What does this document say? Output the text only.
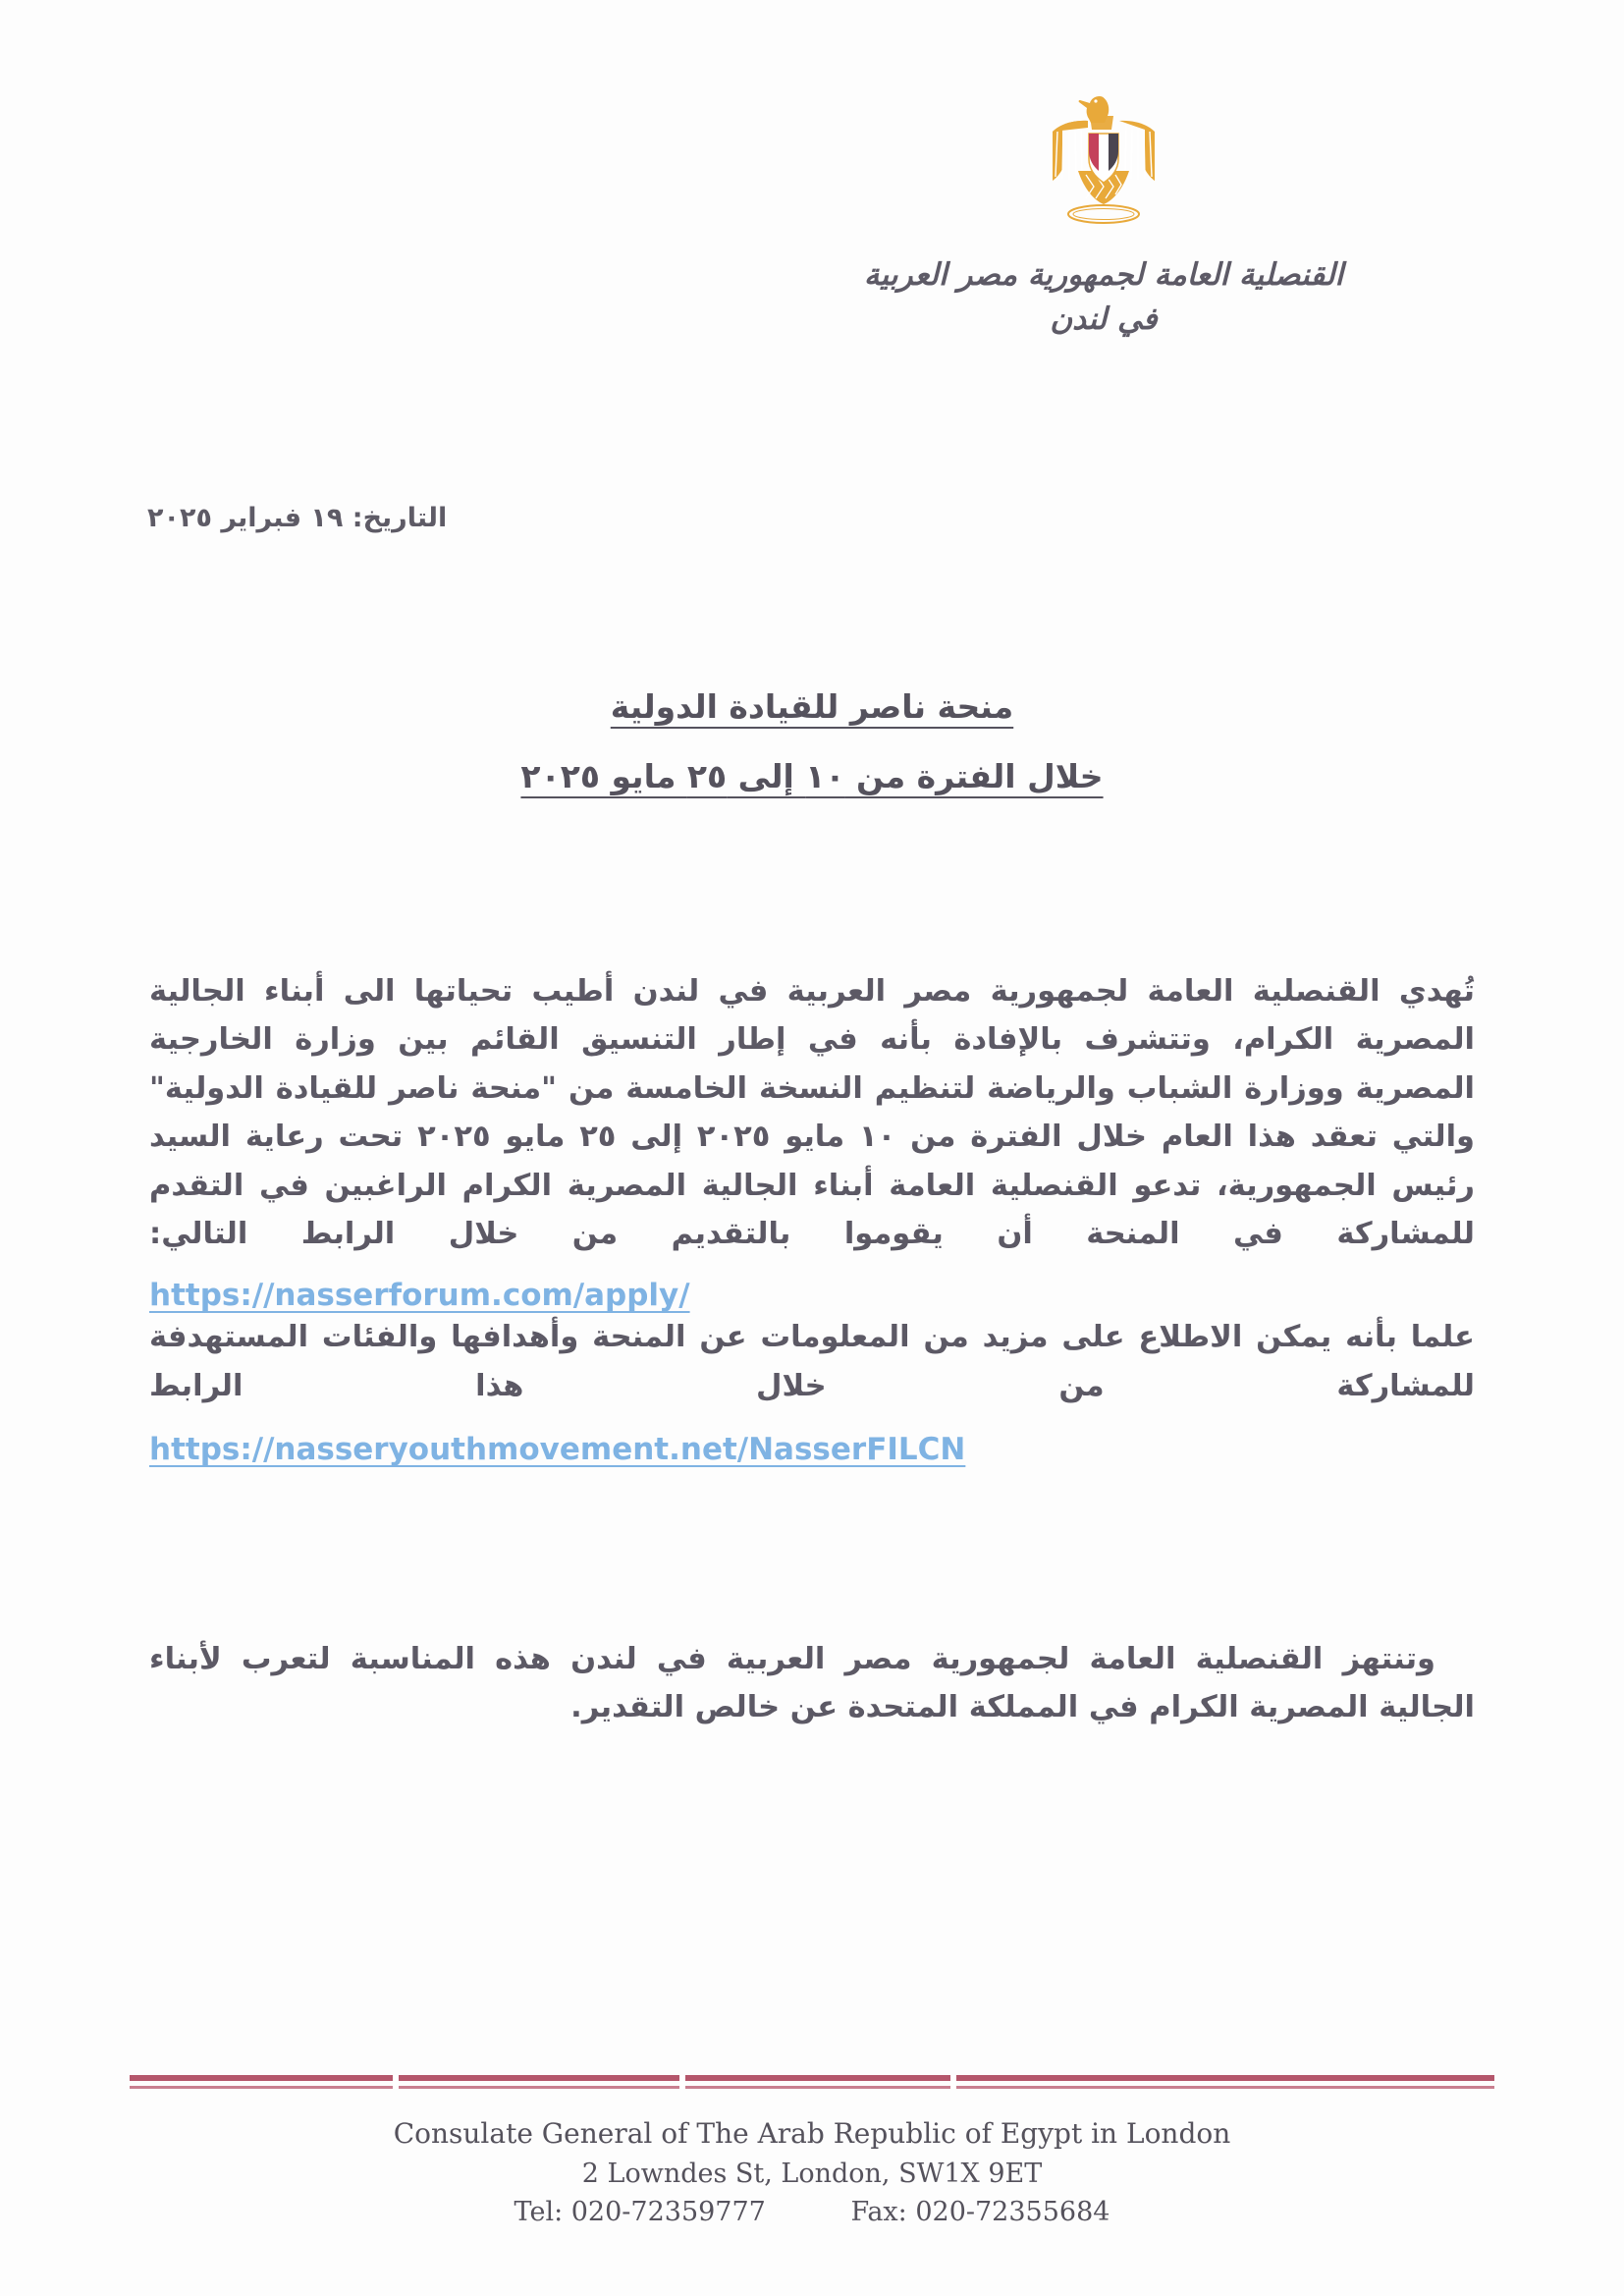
القنصلية العامة لجمهورية مصر العربية
في لندن
التاريخ: ١٩ فبراير ٢٠٢٥
منحة ناصر للقيادة الدولية
خلال الفترة من ١٠ إلى ٢٥ مايو ٢٠٢٥

تُهدي القنصلية العامة لجمهورية مصر العربية في لندن أطيب تحياتها الى أبناء الجالية المصرية الكرام، وتتشرف بالإفادة بأنه في إطار التنسيق القائم بين وزارة الخارجية المصرية ووزارة الشباب والرياضة لتنظيم النسخة الخامسة من "منحة ناصر للقيادة الدولية" والتي تعقد هذا العام خلال الفترة من ١٠ مايو ٢٠٢٥ إلى ٢٥ مايو ٢٠٢٥ تحت رعاية السيد رئيس الجمهورية، تدعو القنصلية العامة أبناء الجالية المصرية الكرام الراغبين في التقدم للمشاركة في المنحة أن يقوموا بالتقديم من خلال الرابط التالي:

https://nasserforum.com/apply/

علما بأنه يمكن الاطلاع على مزيد من المعلومات عن المنحة وأهدافها والفئات المستهدفة للمشاركة من خلال هذا الرابط

https://nasseryouthmovement.net/NasserFILCN

وتنتهز القنصلية العامة لجمهورية مصر العربية في لندن هذه المناسبة لتعرب لأبناء الجالية المصرية الكرام في المملكة المتحدة عن خالص التقدير.

Consulate General of The Arab Republic of Egypt in London
2 Lowndes St, London, SW1X 9ET
Tel: 020-72359777	Fax: 020-72355684
